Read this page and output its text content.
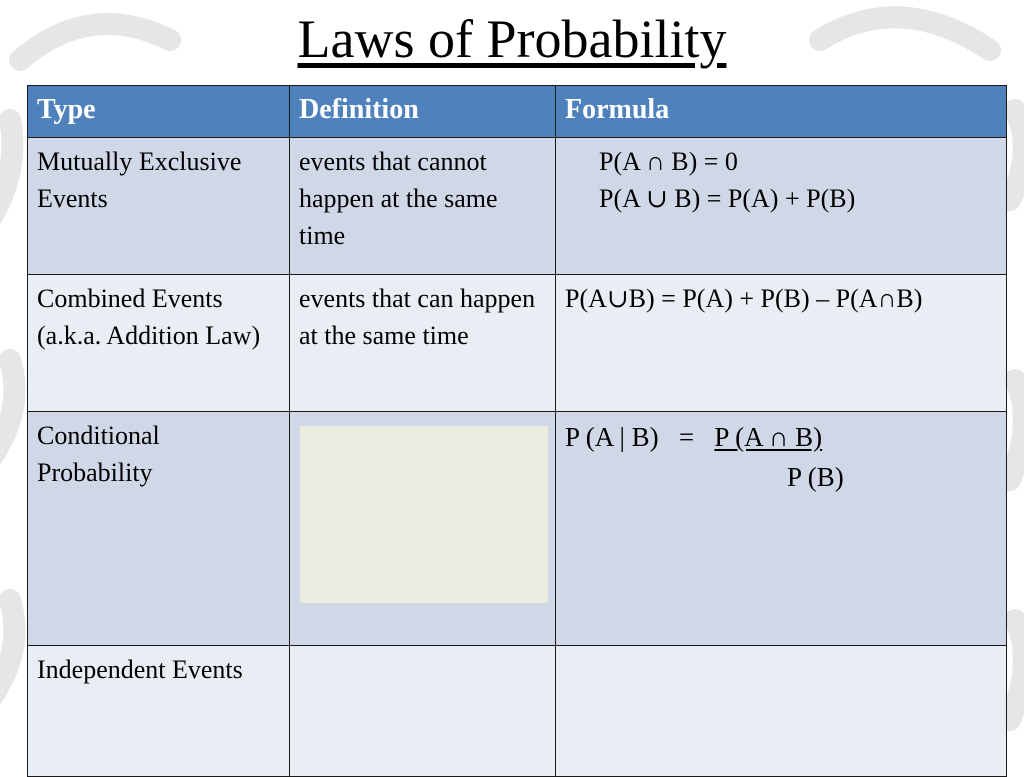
Laws of Probability
Type	Definition	Formula
Mutually Exclusive Events	events that cannot happen at the same time	P(A ∩ B) = 0
P(A ∪ B) = P(A) + P(B)

Combined Events (a.k.a. Addition Law)	events that can happen at the same time	P(A∪B) = P(A) + P(B) – P(A∩B)
Conditional Probability		P (A | B) = P (A ∩ B)
P (B)

Independent Events		
